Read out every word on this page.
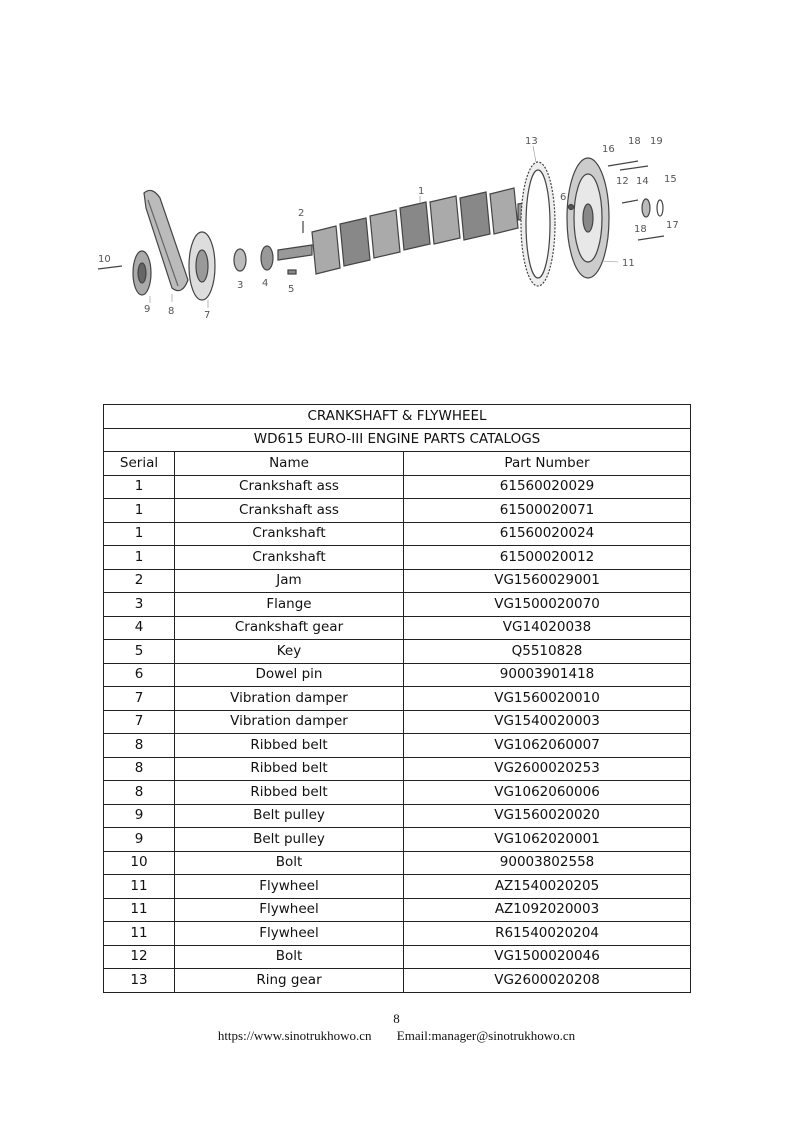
13	18 19
16
6
12 14 15
1
2
10
9 8	7
3 4
5
18 17
11
CRANKSHAFT & FLYWHEEL		
WD615 EURO-III ENGINE PARTS CATALOGS		
Serial	Name	Part Number
1	Crankshaft ass	61560020029
1	Crankshaft ass	61500020071
1	Crankshaft	61560020024
1	Crankshaft	61500020012
2	Jam	VG1560029001
3	Flange	VG1500020070
4	Crankshaft gear	VG14020038
5	Key	Q5510828
6	Dowel pin	90003901418
7	Vibration damper	VG1560020010
7	Vibration damper	VG1540020003
8	Ribbed belt	VG1062060007
8	Ribbed belt	VG2600020253
8	Ribbed belt	VG1062060006
9	Belt pulley	VG1560020020
9	Belt pulley	VG1062020001
10	Bolt	90003802558
11	Flywheel	AZ1540020205
11	Flywheel	AZ1092020003
11	Flywheel	R61540020204
12	Bolt	VG1500020046
13	Ring gear	VG2600020208
8
https://www.sinotrukhowo.cn Email:manager@sinotrukhowo.cn
